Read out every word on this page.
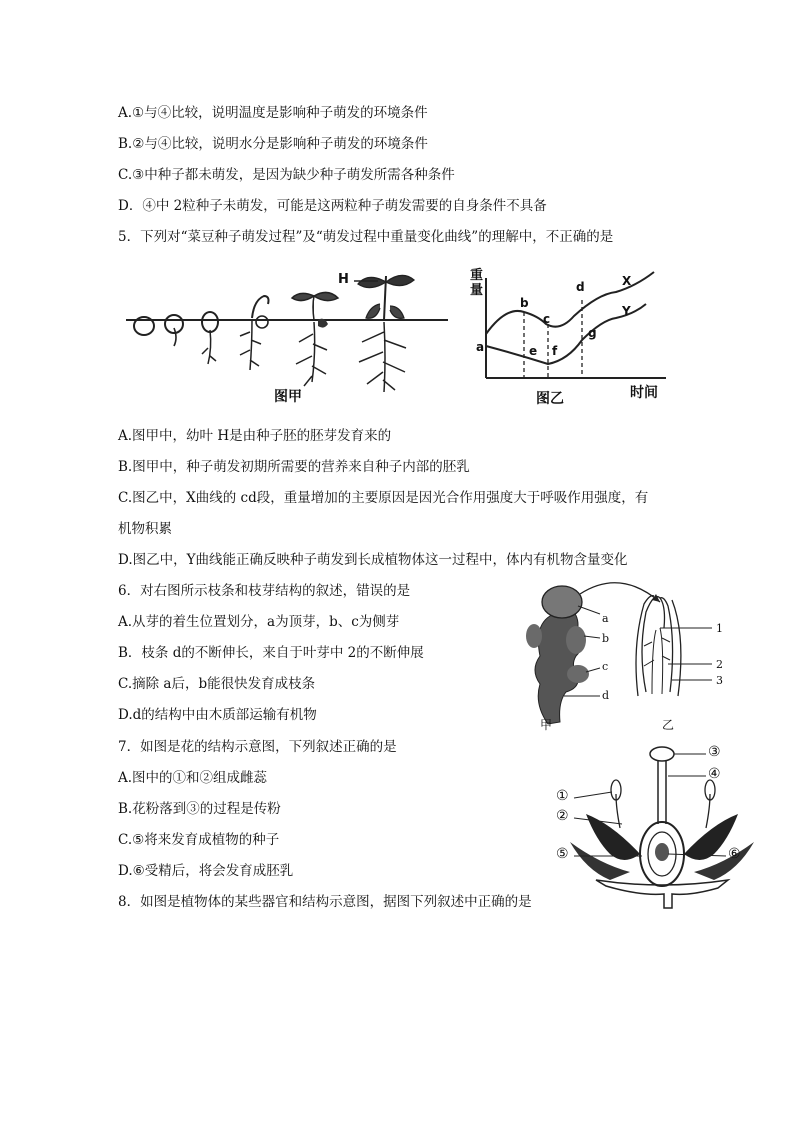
A.①与④比较，说明温度是影响种子萌发的环境条件
B.②与④比较，说明水分是影响种子萌发的环境条件
C.③中种子都未萌发，是因为缺少种子萌发所需各种条件
D．④中 2粒种子未萌发，可能是这两粒种子萌发需要的自身条件不具备
5．下列对“菜豆种子萌发过程”及“萌发过程中重量变化曲线”的理解中，不正确的是
H
图甲
重量
时间
图乙
X
Y
a
b
c
d
e f
g
A.图甲中，幼叶 H是由种子胚的胚芽发育来的
B.图甲中，种子萌发初期所需要的营养来自种子内部的胚乳
C.图乙中，X曲线的 cd段，重量增加的主要原因是因光合作用强度大于呼吸作用强度，有
机物积累
D.图乙中，Y曲线能正确反映种子萌发到长成植物体这一过程中，体内有机物含量变化
6．对右图所示枝条和枝芽结构的叙述，错误的是
A.从芽的着生位置划分，a为顶芽，b、c为侧芽
B．枝条 d的不断伸长，来自于叶芽中 2的不断伸展
C.摘除 a后，b能很快发育成枝条
D.d的结构中由木质部运输有机物
a
b
c
d
1
2
3
甲	乙
7．如图是花的结构示意图，下列叙述正确的是
A.图中的①和②组成雌蕊
B.花粉落到③的过程是传粉
C.⑤将来发育成植物的种子
D.⑥受精后，将会发育成胚乳
③
④
①
②
⑤	⑥
8．如图是植物体的某些器官和结构示意图，据图下列叙述中正确的是
